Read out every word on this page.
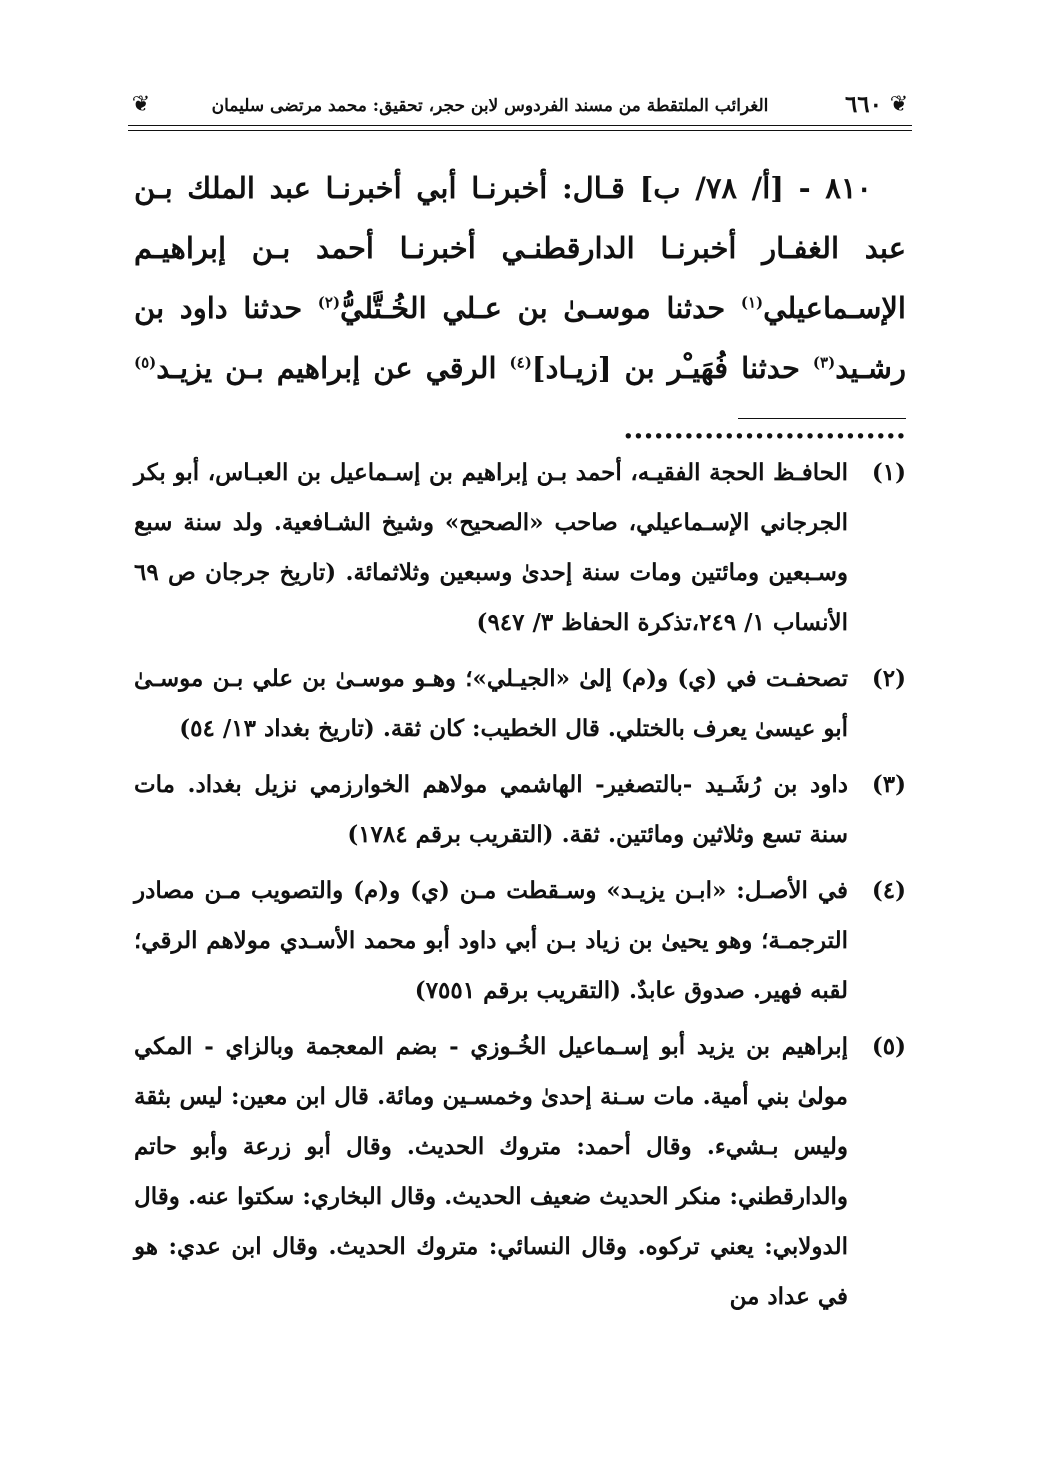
❦
٦٦٠
الغرائب الملتقطة من مسند الفردوس لابن حجر، تحقيق: محمد مرتضى سليمان
❦

٨١٠ - [أ/ ٧٨/ ب] قـال: أخبرنـا أبي أخبرنـا عبد الملك بـن عبد الغفـار أخبرنـا الدارقطنـي أخبرنـا أحمد بـن إبراهيـم الإسـماعيلي$^{(١)}$ حدثنا موسـىٰ بن عـلي الخُـتَّليُّ$^{(٢)}$ حدثنا داود بن رشـيد$^{(٣)}$ حدثنا فُهَيـْر بن [زيـاد]$^{(٤)}$ الرقي عن إبراهيم بـن يزيـد$^{(٥)}$ ............................

(١)
الحافـظ الحجة الفقيـه، أحمد بـن إبراهيم بن إسـماعيل بن العبـاس، أبو بكر الجرجاني الإسـماعيلي، صاحب «الصحيح» وشيخ الشـافعية. ولد سنة سبع وسـبعين ومائتين ومات سنة إحدىٰ وسبعين وثلاثمائة. (تاريخ جرجان ص ٦٩ الأنساب ١/ ٢٤٩،تذكرة الحفاظ ٣/ ٩٤٧)
(٢)
تصحفـت في (ي) و(م) إلىٰ «الجيـلي»؛ وهـو موسـىٰ بن علي بـن موسـىٰ أبو عيسىٰ يعرف بالختلي. قال الخطيب: كان ثقة. (تاريخ بغداد ١٣/ ٥٤)
(٣)
داود بن رُشَـيد -بالتصغير- الهاشمي مولاهم الخوارزمي نزيل بغداد. مات سنة تسع وثلاثين ومائتين. ثقة. (التقريب برقم ١٧٨٤)
(٤)
في الأصـل: «ابـن يزيـد» وسـقطت مـن (ي) و(م) والتصويب مـن مصادر الترجمـة؛ وهو يحيىٰ بن زياد بـن أبي داود أبو محمد الأسـدي مولاهم الرقي؛ لقبه فهير. صدوق عابدٌ. (التقريب برقم ٧٥٥١)
(٥)
إبراهيم بن يزيد أبو إسـماعيل الخُـوزي - بضم المعجمة وبالزاي - المكي مولىٰ بني أمية. مات سـنة إحدىٰ وخمسـين ومائة. قال ابن معين: ليس بثقة وليس بـشيء. وقال أحمد: متروك الحديث. وقال أبو زرعة وأبو حاتم والدارقطني: منكر الحديث ضعيف الحديث. وقال البخاري: سكتوا عنه. وقال الدولابي: يعني تركوه. وقال النسائي: متروك الحديث. وقال ابن عدي: هو في عداد من
